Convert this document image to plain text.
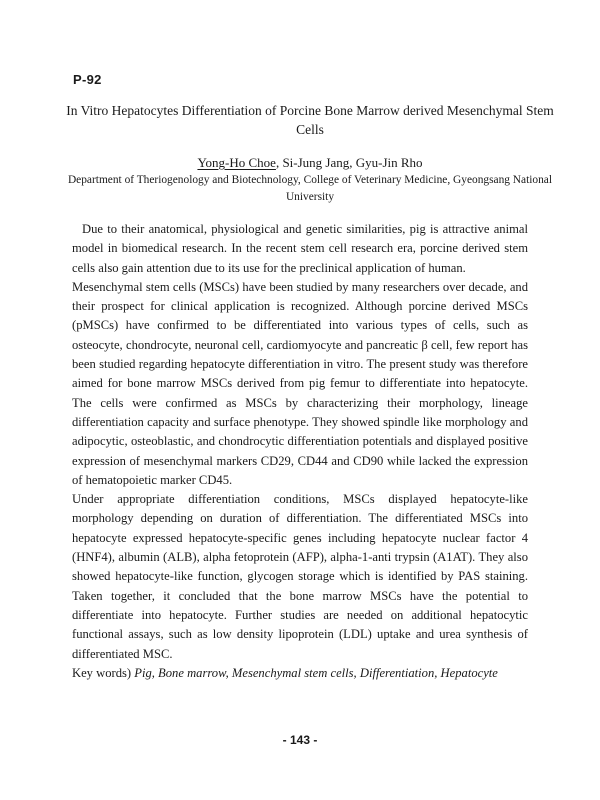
P-92
In Vitro Hepatocytes Differentiation of Porcine Bone Marrow derived Mesenchymal Stem Cells
Yong-Ho Choe, Si-Jung Jang, Gyu-Jin Rho
Department of Theriogenology and Biotechnology, College of Veterinary Medicine, Gyeongsang National University

Due to their anatomical, physiological and genetic similarities, pig is attractive animal model in biomedical research. In the recent stem cell research era, porcine derived stem cells also gain attention due to its use for the preclinical application of human.

Mesenchymal stem cells (MSCs) have been studied by many researchers over decade, and their prospect for clinical application is recognized. Although porcine derived MSCs (pMSCs) have confirmed to be differentiated into various types of cells, such as osteocyte, chondrocyte, neuronal cell, cardiomyocyte and pancreatic β cell, few report has been studied regarding hepatocyte differentiation in vitro. The present study was therefore aimed for bone marrow MSCs derived from pig femur to differentiate into hepatocyte. The cells were confirmed as MSCs by characterizing their morphology, lineage differentiation capacity and surface phenotype. They showed spindle like morphology and adipocytic, osteoblastic, and chondrocytic differentiation potentials and displayed positive expression of mesenchymal markers CD29, CD44 and CD90 while lacked the expression of hematopoietic marker CD45.

Under appropriate differentiation conditions, MSCs displayed hepatocyte-like morphology depending on duration of differentiation. The differentiated MSCs into hepatocyte expressed hepatocyte-specific genes including hepatocyte nuclear factor 4 (HNF4), albumin (ALB), alpha fetoprotein (AFP), alpha-1-anti trypsin (A1AT). They also showed hepatocyte-like function, glycogen storage which is identified by PAS staining. Taken together, it concluded that the bone marrow MSCs have the potential to differentiate into hepatocyte. Further studies are needed on additional hepatocytic functional assays, such as low density lipoprotein (LDL) uptake and urea synthesis of differentiated MSC.

Key words) Pig, Bone marrow, Mesenchymal stem cells, Differentiation, Hepatocyte
- 143 -
